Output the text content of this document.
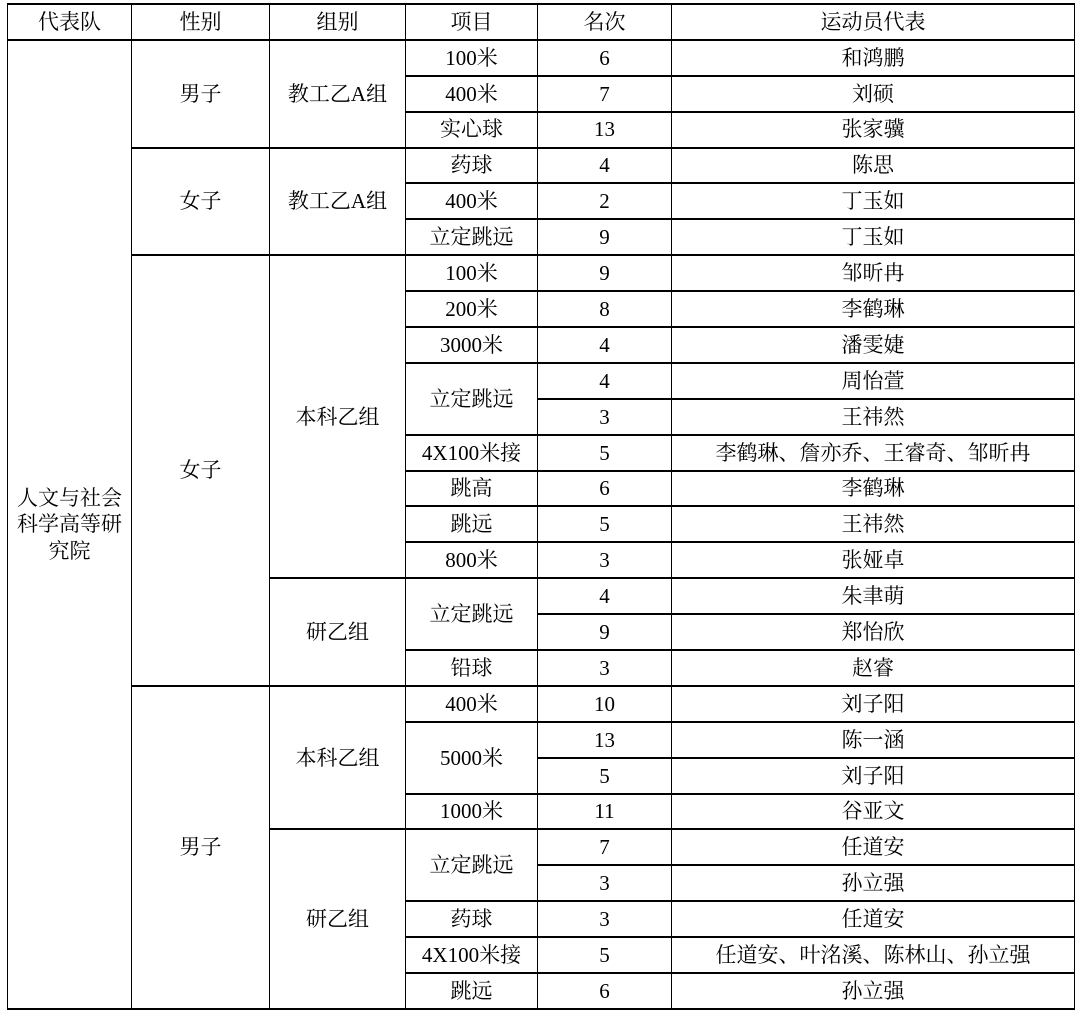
代表队	性别	组别	项目	名次	运动员代表
人文与社会科学高等研究院	男子	教工乙A组	100米	6	和鸿鹏
			400米	7	刘硕
			实心球	13	张家骥
	女子	教工乙A组	药球	4	陈思
			400米	2	丁玉如
			立定跳远	9	丁玉如
	女子	本科乙组	100米	9	邹昕冉
			200米	8	李鹤琳
			3000米	4	潘雯婕
			立定跳远	4	周怡萱
				3	王祎然
			4X100米接	5	李鹤琳、詹亦乔、王睿奇、邹昕冉
			跳高	6	李鹤琳
			跳远	5	王祎然
			800米	3	张娅卓
		研乙组	立定跳远	4	朱聿萌
				9	郑怡欣
			铅球	3	赵睿
	男子	本科乙组	400米	10	刘子阳
			5000米	13	陈一涵
				5	刘子阳
			1000米	11	谷亚文
		研乙组	立定跳远	7	任道安
				3	孙立强
			药球	3	任道安
			4X100米接	5	任道安、叶洺溪、陈林山、孙立强
			跳远	6	孙立强
